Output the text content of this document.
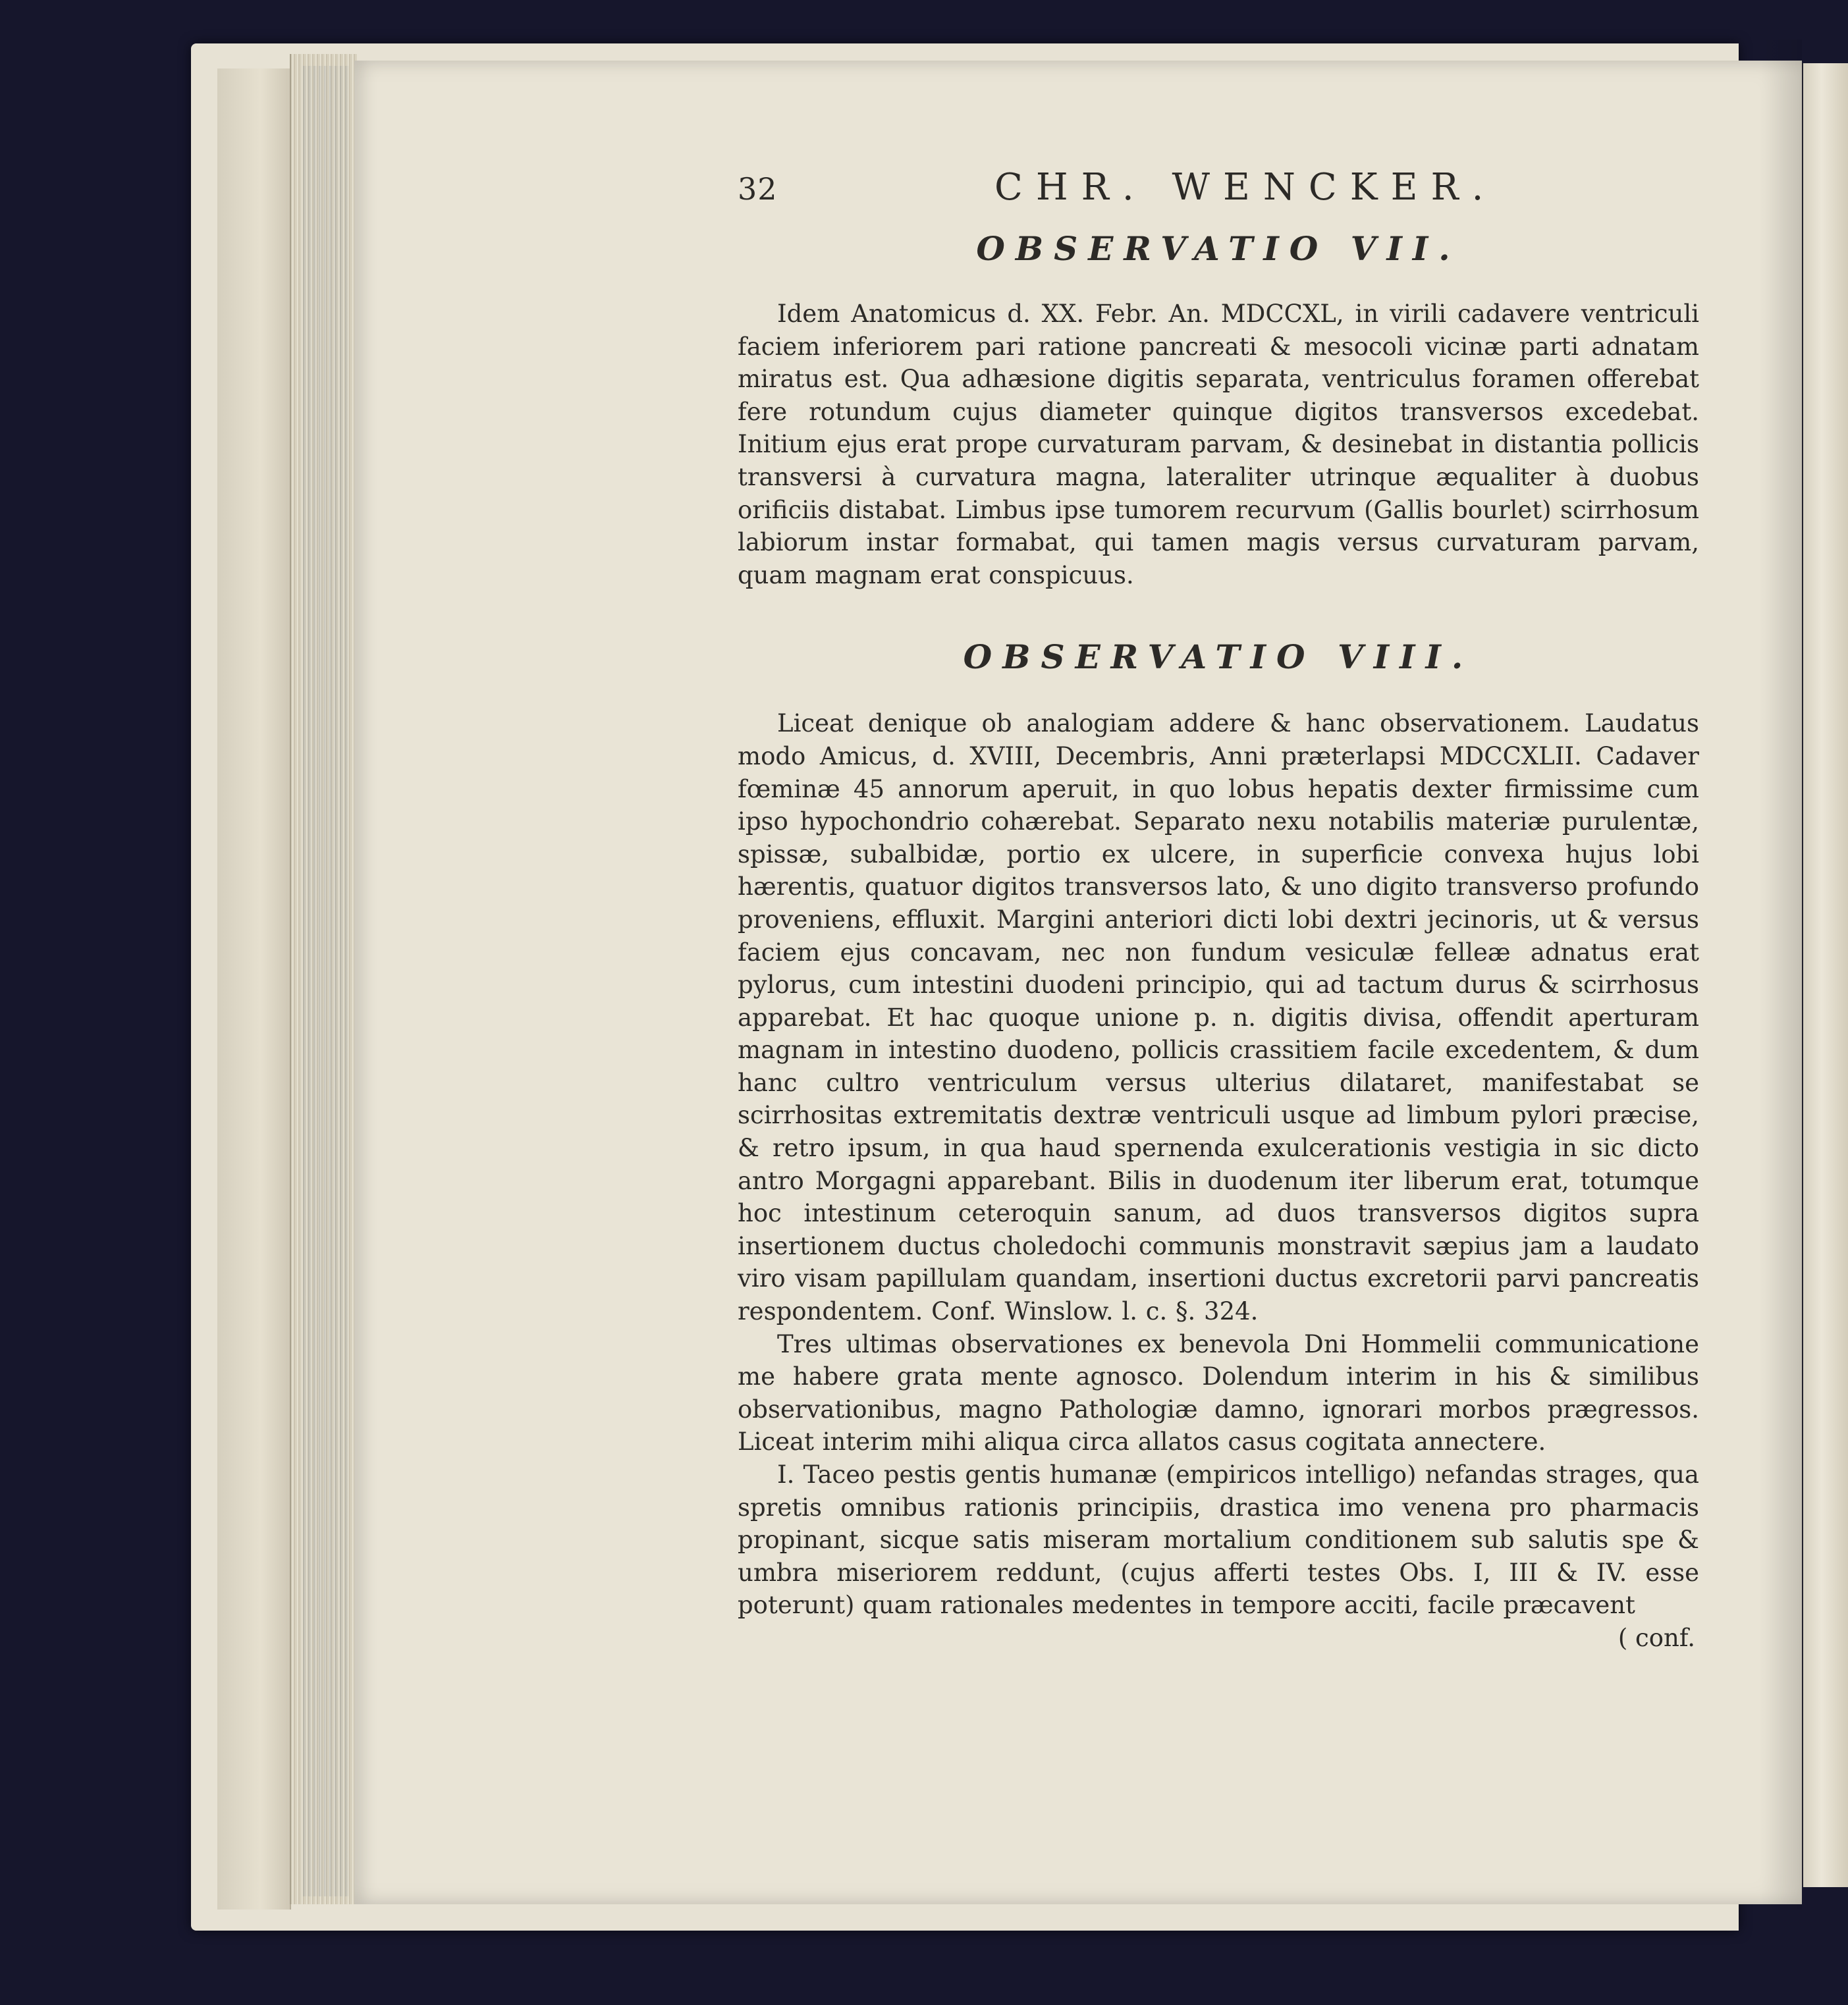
32	CHR. WENCKER.
OBSERVATIO VII.

Idem Anatomicus d. XX. Febr. An. MDCCXL, in virili cadavere ventriculi faciem inferiorem pari ratione pancreati & mesocoli vicinæ parti adnatam miratus est. Qua adhæsione digitis separata, ventriculus foramen offerebat fere rotundum cujus diameter quinque digitos transversos excedebat. Initium ejus erat prope curvaturam parvam, & desinebat in distantia pollicis transversi à curvatura magna, lateraliter utrinque æqualiter à duobus orificiis distabat. Limbus ipse tumorem recurvum (Gallis bourlet) scirrhosum labiorum instar formabat, qui tamen magis versus curvaturam parvam, quam magnam erat conspicuus.

OBSERVATIO VIII.

Liceat denique ob analogiam addere & hanc observationem. Laudatus modo Amicus, d. XVIII, Decembris, Anni præterlapsi MDCCXLII. Cadaver fœminæ 45 annorum aperuit, in quo lobus hepatis dexter firmissime cum ipso hypochondrio cohærebat. Separato nexu notabilis materiæ purulentæ, spissæ, subalbidæ, portio ex ulcere, in superficie convexa hujus lobi hærentis, quatuor digitos transversos lato, & uno digito transverso profundo proveniens, effluxit. Margini anteriori dicti lobi dextri jecinoris, ut & versus faciem ejus concavam, nec non fundum vesiculæ felleæ adnatus erat pylorus, cum intestini duodeni principio, qui ad tactum durus & scirrhosus apparebat. Et hac quoque unione p. n. digitis divisa, offendit aperturam magnam in intestino duodeno, pollicis crassitiem facile excedentem, & dum hanc cultro ventriculum versus ulterius dilataret, manifestabat se scirrhositas extremitatis dextræ ventriculi usque ad limbum pylori præcise, & retro ipsum, in qua haud spernenda exulcerationis vestigia in sic dicto antro Morgagni apparebant. Bilis in duodenum iter liberum erat, totumque hoc intestinum ceteroquin sanum, ad duos transversos digitos supra insertionem ductus choledochi communis monstravit sæpius jam a laudato viro visam papillulam quandam, insertioni ductus excretorii parvi pancreatis respondentem. Conf. Winslow. l. c. §. 324.

Tres ultimas observationes ex benevola Dni Hommelii communicatione me habere grata mente agnosco. Dolendum interim in his & similibus observationibus, magno Pathologiæ damno, ignorari morbos prægressos. Liceat interim mihi aliqua circa allatos casus cogitata annectere.

I. Taceo pestis gentis humanæ (empiricos intelligo) nefandas strages, qua spretis omnibus rationis principiis, drastica imo venena pro pharmacis propinant, sicque satis miseram mortalium conditionem sub salutis spe & umbra miseriorem reddunt, (cujus afferti testes Obs. I, III & IV. esse poterunt) quam rationales medentes in tempore acciti, facile præcavent

( conf.
